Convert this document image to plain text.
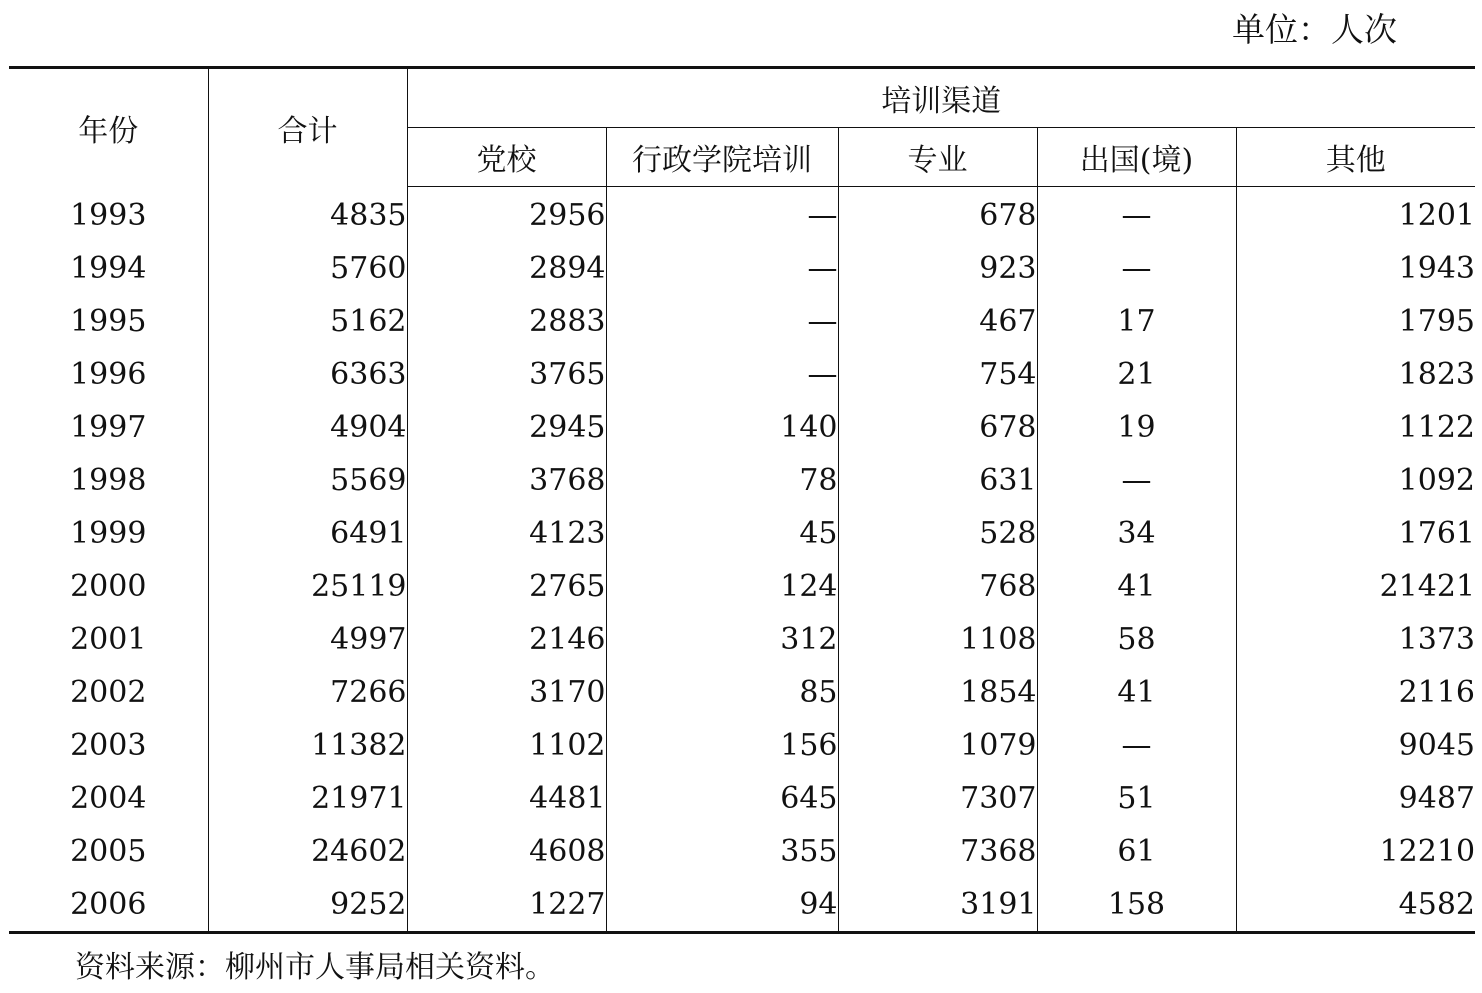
单位：人次
年份	合计	培训渠道				
		党校	行政学院培训	专业	出国(境)	其他
1993	4835	2956	—	678	—	1201
1994	5760	2894	—	923	—	1943
1995	5162	2883	—	467	17	1795
1996	6363	3765	—	754	21	1823
1997	4904	2945	140	678	19	1122
1998	5569	3768	78	631	—	1092
1999	6491	4123	45	528	34	1761
2000	25119	2765	124	768	41	21421
2001	4997	2146	312	1108	58	1373
2002	7266	3170	85	1854	41	2116
2003	11382	1102	156	1079	—	9045
2004	21971	4481	645	7307	51	9487
2005	24602	4608	355	7368	61	12210
2006	9252	1227	94	3191	158	4582
资料来源：柳州市人事局相关资料。
